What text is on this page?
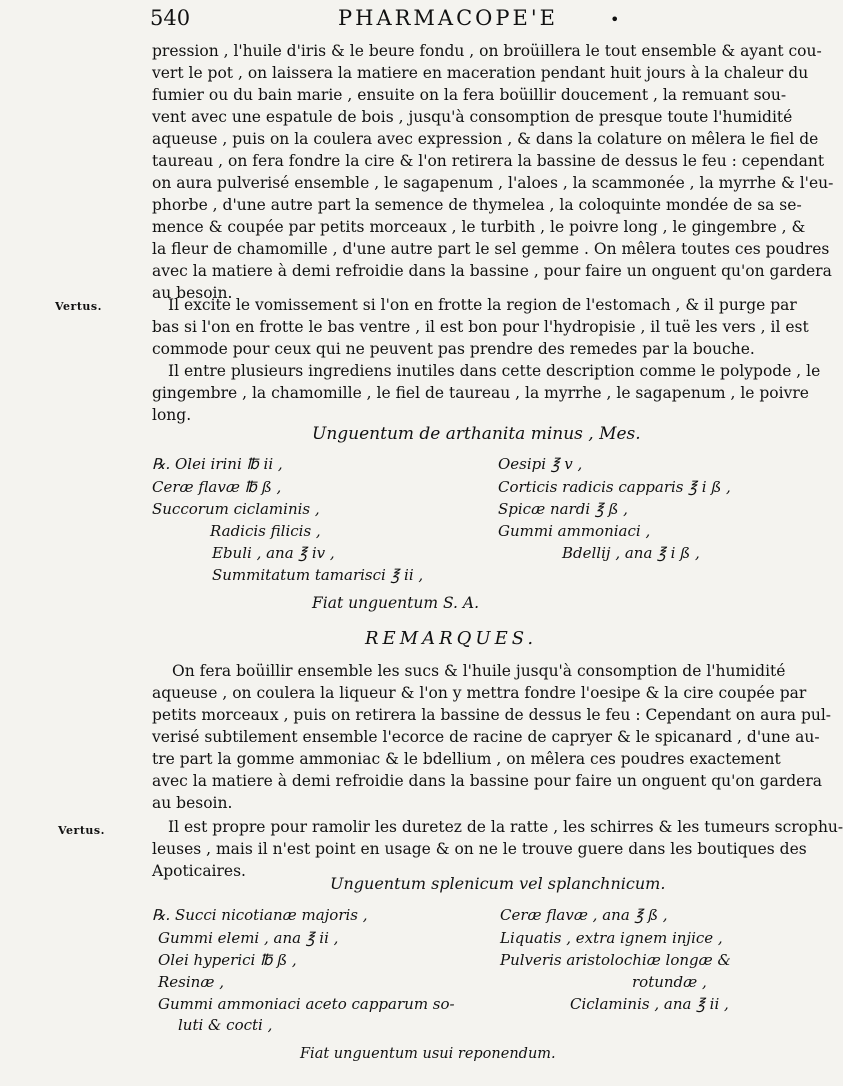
540	PHARMACOPE'E	•
pression , l'huile d'iris & le beure fondu , on broüillera le tout ensemble & ayant cou-
vert le pot , on laissera la matiere en maceration pendant huit jours à la chaleur du
fumier ou du bain marie , ensuite on la fera boüillir doucement , la remuant sou-
vent avec une espatule de bois , jusqu'à consomption de presque toute l'humidité
aqueuse , puis on la coulera avec expression , & dans la colature on mêlera le fiel de
taureau , on fera fondre la cire & l'on retirera la bassine de dessus le feu : cependant
on aura pulverisé ensemble , le sagapenum , l'aloes , la scammonée , la myrrhe & l'eu-
phorbe , d'une autre part la semence de thymelea , la coloquinte mondée de sa se-
mence & coupée par petits morceaux , le turbith , le poivre long , le gingembre , &
la fleur de chamomille , d'une autre part le sel gemme . On mêlera toutes ces poudres
avec la matiere à demi refroidie dans la bassine , pour faire un onguent qu'on gardera
au besoin.
Vertus.	Il excite le vomissement si l'on en frotte la region de l'estomach , & il purge par
bas si l'on en frotte le bas ventre , il est bon pour l'hydropisie , il tuë les vers , il est
commode pour ceux qui ne peuvent pas prendre des remedes par la bouche.
Il entre plusieurs ingrediens inutiles dans cette description comme le polypode , le
gingembre , la chamomille , le fiel de taureau , la myrrhe , le sagapenum , le poivre
long.
Unguentum de arthanita minus , Mes.
℞. Olei irini ℔ ii ,
Ceræ flavæ ℔ ß ,
Succorum ciclaminis ,
Radicis filicis ,
Ebuli , ana ℥ iv ,
Summitatum tamarisci ℥ ii ,
Oesipi ℥ v ,
Corticis radicis capparis ℥ i ß ,
Spicæ nardi ℥ ß ,
Gummi ammoniaci ,
Bdellij , ana ℥ i ß ,
Fiat unguentum S. A.
REMARQUES.
On fera boüillir ensemble les sucs & l'huile jusqu'à consomption de l'humidité
aqueuse , on coulera la liqueur & l'on y mettra fondre l'oesipe & la cire coupée par
petits morceaux , puis on retirera la bassine de dessus le feu : Cependant on aura pul-
verisé subtilement ensemble l'ecorce de racine de capryer & le spicanard , d'une au-
tre part la gomme ammoniac & le bdellium , on mêlera ces poudres exactement
avec la matiere à demi refroidie dans la bassine pour faire un onguent qu'on gardera
au besoin.
Vertus.	Il est propre pour ramolir les duretez de la ratte , les schirres & les tumeurs scrophu-
leuses , mais il n'est point en usage & on ne le trouve guere dans les boutiques des
Apoticaires.
Unguentum splenicum vel splanchnicum.
℞. Succi nicotianæ majoris ,
Gummi elemi , ana ℥ ii ,
Olei hyperici ℔ ß ,
Resinæ ,
Gummi ammoniaci aceto capparum so-
luti & cocti ,
Ceræ flavæ , ana ℥ ß ,
Liquatis , extra ignem injice ,
Pulveris aristolochiæ longæ &
rotundæ ,
Ciclaminis , ana ℥ ii ,
Fiat unguentum usui reponendum.
